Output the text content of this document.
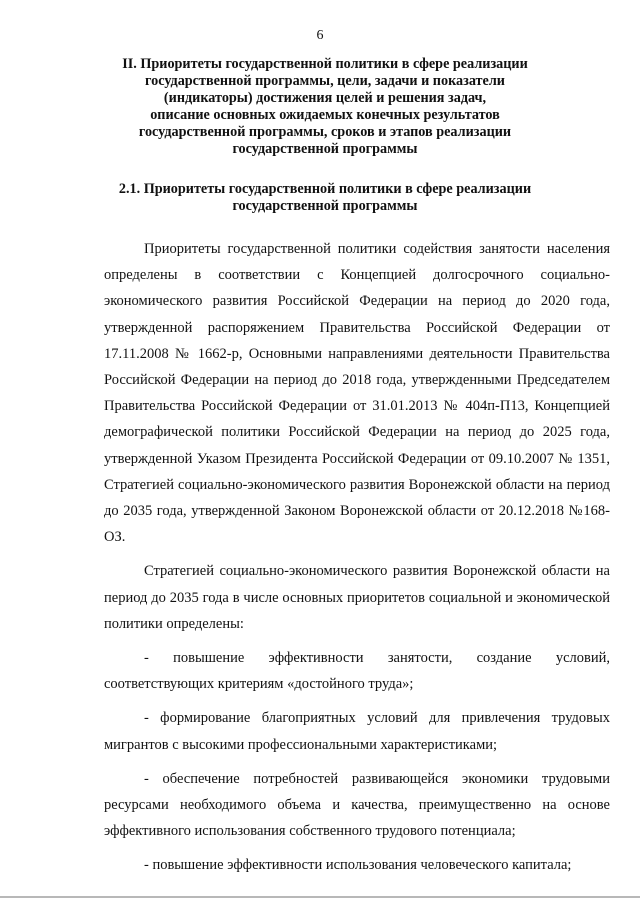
6
II. Приоритеты государственной политики в сфере реализации
государственной программы, цели, задачи и показатели
(индикаторы) достижения целей и решения задач,
описание основных ожидаемых конечных результатов
государственной программы, сроков и этапов реализации
государственной программы
2.1. Приоритеты государственной политики в сфере реализации
государственной программы

Приоритеты государственной политики содействия занятости населения определены в соответствии с Концепцией долгосрочного социально-экономического развития Российской Федерации на период до 2020 года, утвержденной распоряжением Правительства Российской Федерации от 17.11.2008 № 1662-р, Основными направлениями деятельности Правительства Российской Федерации на период до 2018 года, утвержденными Председателем Правительства Российской Федерации от 31.01.2013 № 404п-П13, Концепцией демографической политики Российской Федерации на период до 2025 года, утвержденной Указом Президента Российской Федерации от 09.10.2007 № 1351, Стратегией социально-экономического развития Воронежской области на период до 2035 года, утвержденной Законом Воронежской области от 20.12.2018 №168-ОЗ.

Стратегией социально-экономического развития Воронежской области на период до 2035 года в числе основных приоритетов социальной и экономической политики определены:

- повышение эффективности занятости, создание условий, соответствующих критериям «достойного труда»;

- формирование благоприятных условий для привлечения трудовых мигрантов с высокими профессиональными характеристиками;

- обеспечение потребностей развивающейся экономики трудовыми ресурсами необходимого объема и качества, преимущественно на основе эффективного использования собственного трудового потенциала;

- повышение эффективности использования человеческого капитала;
